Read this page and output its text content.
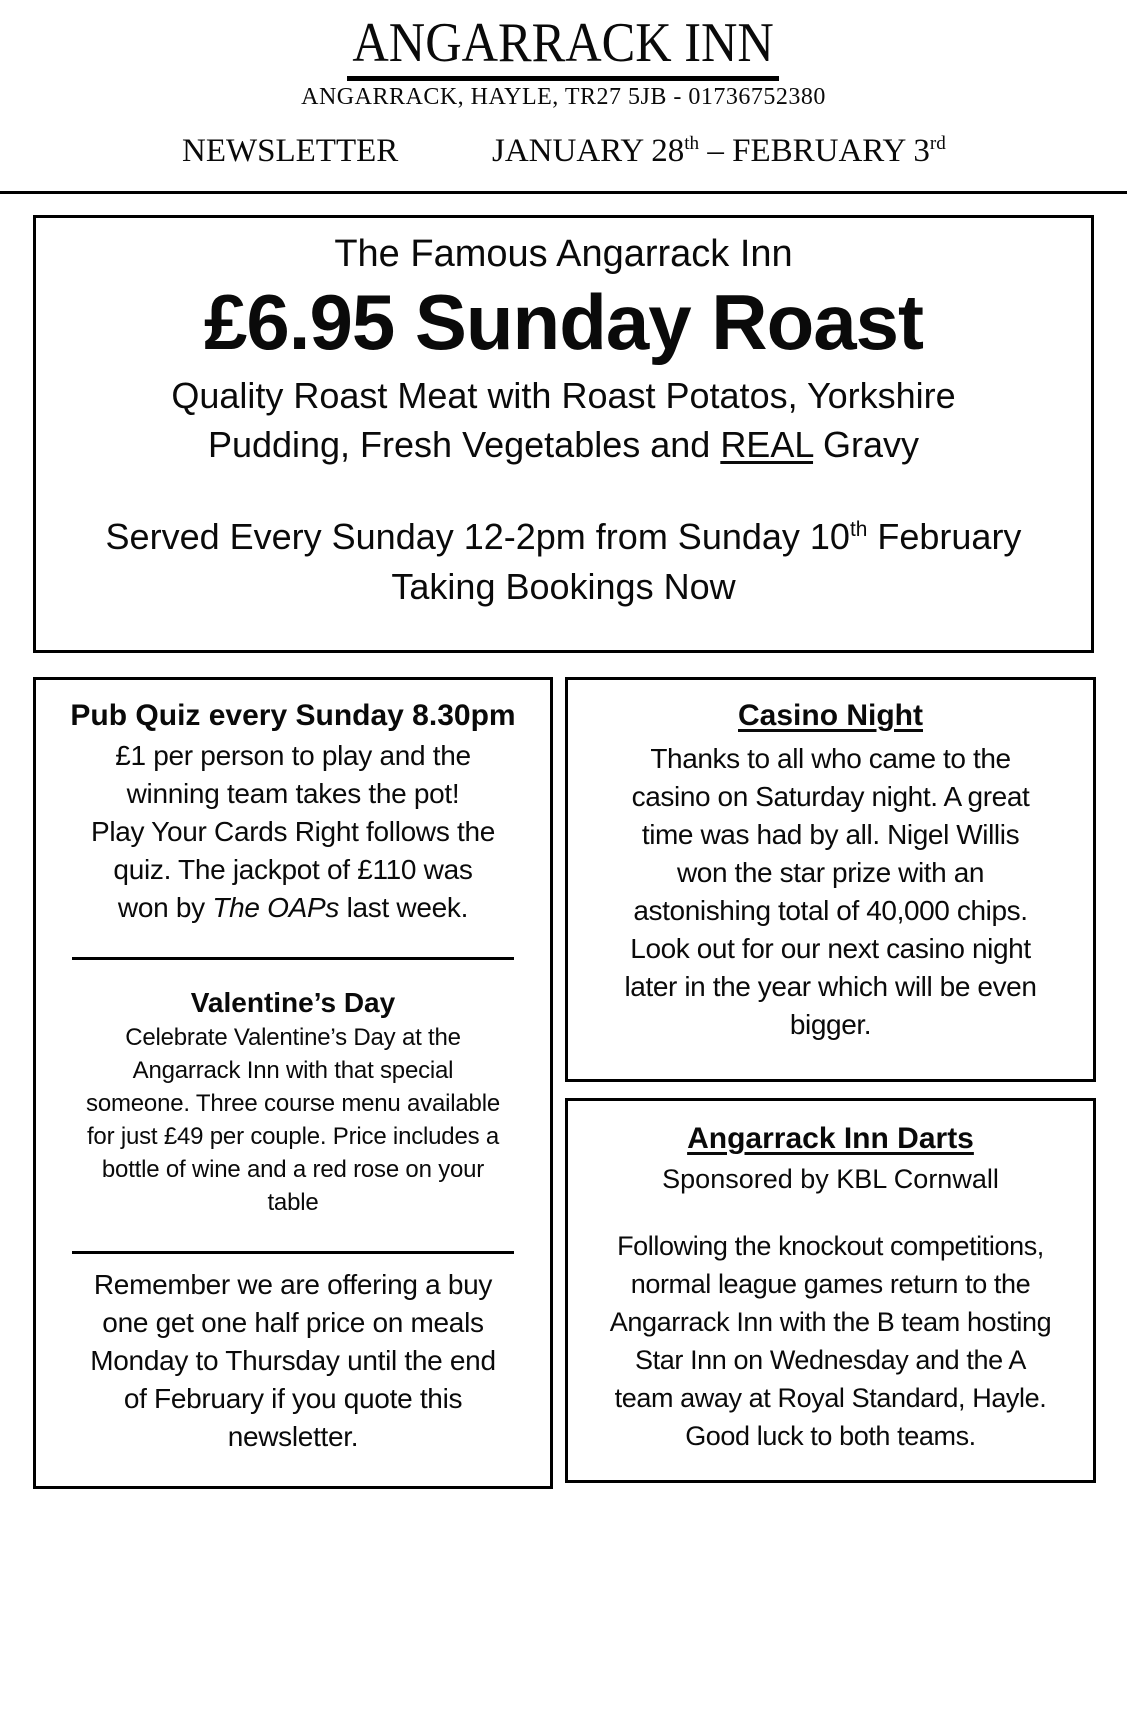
ANGARRACK INN
ANGARRACK, HAYLE, TR27 5JB - 01736752380
NEWSLETTER	JANUARY 28th – FEBRUARY 3rd
The Famous Angarrack Inn
£6.95 Sunday Roast
Quality Roast Meat with Roast Potatos, Yorkshire
Pudding, Fresh Vegetables and REAL Gravy
Served Every Sunday 12-2pm from Sunday 10th February
Taking Bookings Now
Pub Quiz every Sunday 8.30pm
£1 per person to play and the
winning team takes the pot!
Play Your Cards Right follows the
quiz. The jackpot of £110 was
won by The OAPs last week.
Valentine’s Day
Celebrate Valentine’s Day at the
Angarrack Inn with that special
someone. Three course menu available
for just £49 per couple. Price includes a
bottle of wine and a red rose on your
table
Remember we are offering a buy
one get one half price on meals
Monday to Thursday until the end
of February if you quote this
newsletter.
Casino Night
Thanks to all who came to the
casino on Saturday night. A great
time was had by all. Nigel Willis
won the star prize with an
astonishing total of 40,000 chips.
Look out for our next casino night
later in the year which will be even
bigger.
Angarrack Inn Darts
Sponsored by KBL Cornwall
Following the knockout competitions,
normal league games return to the
Angarrack Inn with the B team hosting
Star Inn on Wednesday and the A
team away at Royal Standard, Hayle.
Good luck to both teams.
